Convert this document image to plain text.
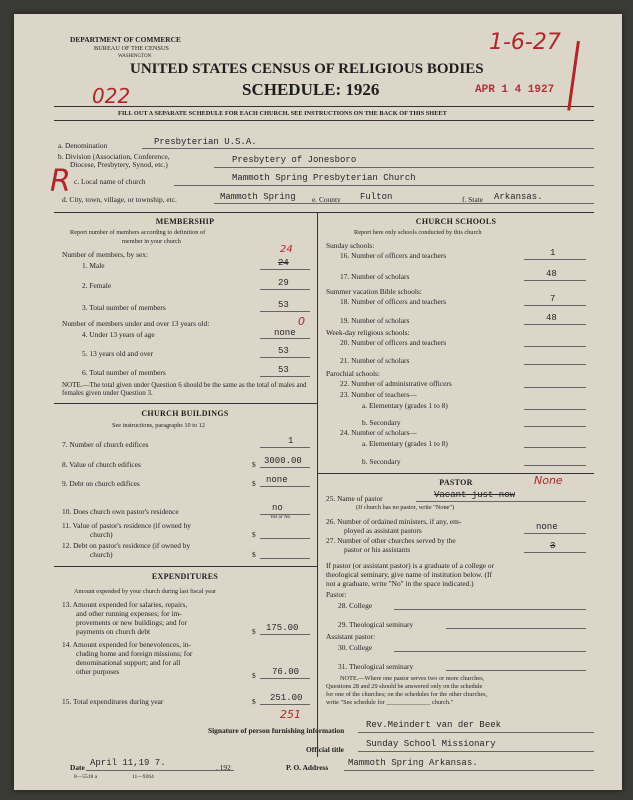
DEPARTMENT OF COMMERCE
BUREAU OF THE CENSUS
WASHINGTON
UNITED STATES CENSUS OF RELIGIOUS BODIES
SCHEDULE: 1926
FILL OUT A SEPARATE SCHEDULE FOR EACH CHURCH. SEE INSTRUCTIONS ON THE BACK OF THIS SHEET
022
1-6-27
APR 1 4 1927
a. Denomination	Presbyterian U.S.A.
b. Division (Association, Conference,
Diocese, Presbytery, Synod, etc.)	Presbytery of Jonesboro
c. Local name of church	Mammoth Spring Presbyterian Church
d. City, town, village, or township, etc.	Mammoth Spring e. County Fulton	f. State Arkansas.
R
MEMBERSHIP
Report number of members according to definition of
member in your church
Number of members, by sex:
1. Male	24
24
2. Female	29
3. Total number of members	53
Number of members under and over 13 years old:
4. Under 13 years of age	none
0
5. 13 years old and over	53
6. Total number of members	53
NOTE.—The total given under Question 6 should be the same as the total of males and females given under Question 3.
CHURCH BUILDINGS
See instructions, paragraphs 10 to 12
7. Number of church edifices	1
8. Value of church edifices	$ 3000.00
9. Debt on church edifices	$ none
10. Does church own pastor's residence	no
Yes or No
11. Value of pastor's residence (if owned by
church)	$
12. Debt on pastor's residence (if owned by
church)	$
EXPENDITURES
Amount expended by your church during last fiscal year
13. Amount expended for salaries, repairs,
and other running expenses; for im-
provements or new buildings; and for
payments on church debt	$ 175.00
14. Amount expended for benevolences, in-
cluding home and foreign missions; for
denominational support; and for all
other purposes	$ 76.00
15. Total expenditures during year	$ 251.00
251
CHURCH SCHOOLS
Report here only schools conducted by this church
Sunday schools:
16. Number of officers and teachers	1
17. Number of scholars	48
Summer vacation Bible schools:
18. Number of officers and teachers	7
19. Number of scholars	48
Week-day religious schools:
20. Number of officers and teachers
21. Number of scholars
Parochial schools:
22. Number of administrative officers
23. Number of teachers—
a. Elementary (grades 1 to 8)
b. Secondary
24. Number of scholars—
a. Elementary (grades 1 to 8)
b. Secondary
PASTOR
25. Name of pastor	Vacant just now
None
(If church has no pastor, write "None")
26. Number of ordained ministers, if any, em-
ployed as assistant pastors	none
27. Number of other churches served by the
pastor or his assistants	3
If pastor (or assistant pastor) is a graduate of a college or
theological seminary, give name of institution below. (If
not a graduate, write "No" in the space indicated.)
Pastor:
28. College
29. Theological seminary
Assistant pastor:
30. College
31. Theological seminary
NOTE.—Where one pastor serves two or more churches,
Questions 28 and 29 should be answered only on the schedule
for one of the churches; on the schedules for the other churches,
write "See schedule for ______________ church."
Signature of person furnishing information
Rev.Meindert van der Beek
Official title
Sunday School Missionary
Date April 11,19 7.	, 192	P. O. Address Mammoth Spring Arkansas.
8—5518 a	11—9264
